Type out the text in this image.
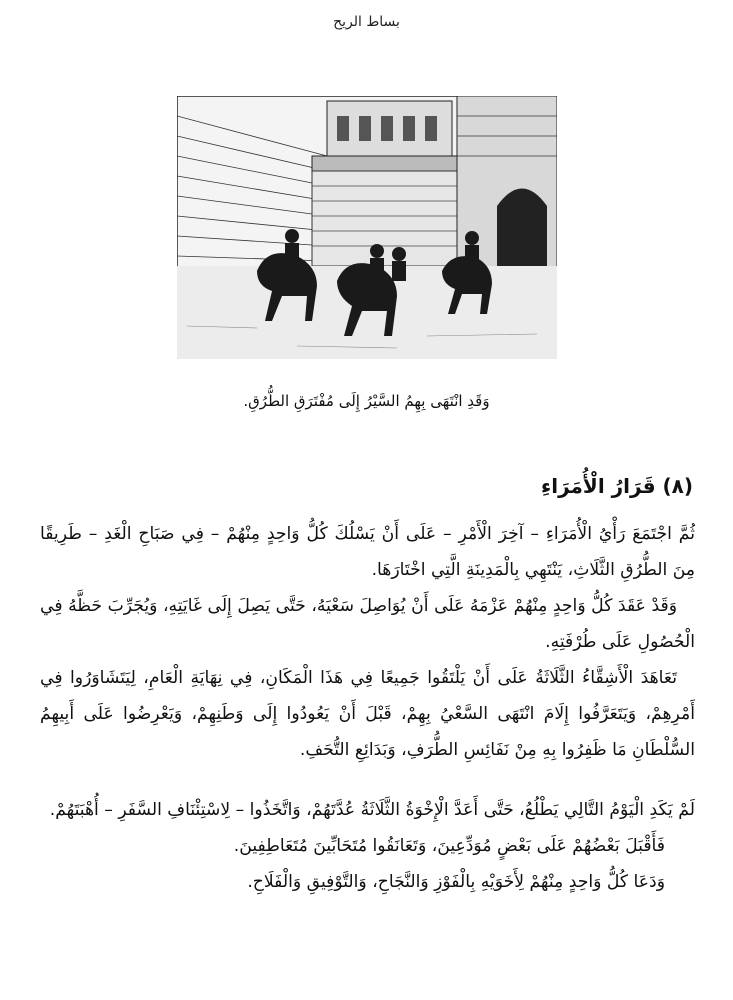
بساط الريح
وَقَدِ انْتَهَى بِهِمُ السَّيْرُ إِلَى مُفْتَرَقِ الطُّرُقِ.
(٨) قَرَارُ الْأُمَرَاءِ

ثُمَّ اجْتَمَعَ رَأْيُ الْأُمَرَاءِ – آخِرَ الْأَمْرِ – عَلَى أَنْ يَسْلُكَ كُلُّ وَاحِدٍ مِنْهُمْ – فِي صَبَاحِ الْغَدِ – طَرِيقًا مِنَ الطُّرُقِ الثَّلَاثِ، يَنْتَهِي بِالْمَدِينَةِ الَّتِي اخْتَارَهَا.

وَقَدْ عَقَدَ كُلُّ وَاحِدٍ مِنْهُمْ عَزْمَهُ عَلَى أَنْ يُوَاصِلَ سَعْيَهُ، حَتَّى يَصِلَ إِلَى غَايَتِهِ، وَيُجَرِّبَ حَظَّهُ فِي الْحُصُولِ عَلَى طُرْفَتِهِ.

تَعَاهَدَ الْأَشِقَّاءُ الثَّلَاثَةُ عَلَى أَنْ يَلْتَقُوا جَمِيعًا فِي هَذَا الْمَكَانِ، فِي نِهَايَةِ الْعَامِ، لِيَتَشَاوَرُوا فِي أَمْرِهِمْ، وَيَتَعَرَّفُوا إِلَامَ انْتَهَى السَّعْيُ بِهِمْ، قَبْلَ أَنْ يَعُودُوا إِلَى وَطَنِهِمْ، وَيَعْرِضُوا عَلَى أَبِيهِمُ السُّلْطَانِ مَا ظَفِرُوا بِهِ مِنْ نَفَائِسِ الطُّرَفِ، وَبَدَائِعِ التُّحَفِ.

لَمْ يَكَدِ الْيَوْمُ التَّالِي يَطْلُعُ، حَتَّى أَعَدَّ الْإِخْوَةُ الثَّلَاثَةُ عُدَّتَهُمْ، وَاتَّخَذُوا – لِاسْتِئْنَافِ السَّفَرِ – أُهْبَتَهُمْ.

فَأَقْبَلَ بَعْضُهُمْ عَلَى بَعْضٍ مُوَدِّعِينَ، وَتَعَانَقُوا مُتَحَابِّينَ مُتَعَاطِفِينَ.

وَدَعَا كُلُّ وَاحِدٍ مِنْهُمْ لِأَخَوَيْهِ بِالْفَوْزِ وَالنَّجَاحِ، وَالتَّوْفِيقِ وَالْفَلَاحِ.
